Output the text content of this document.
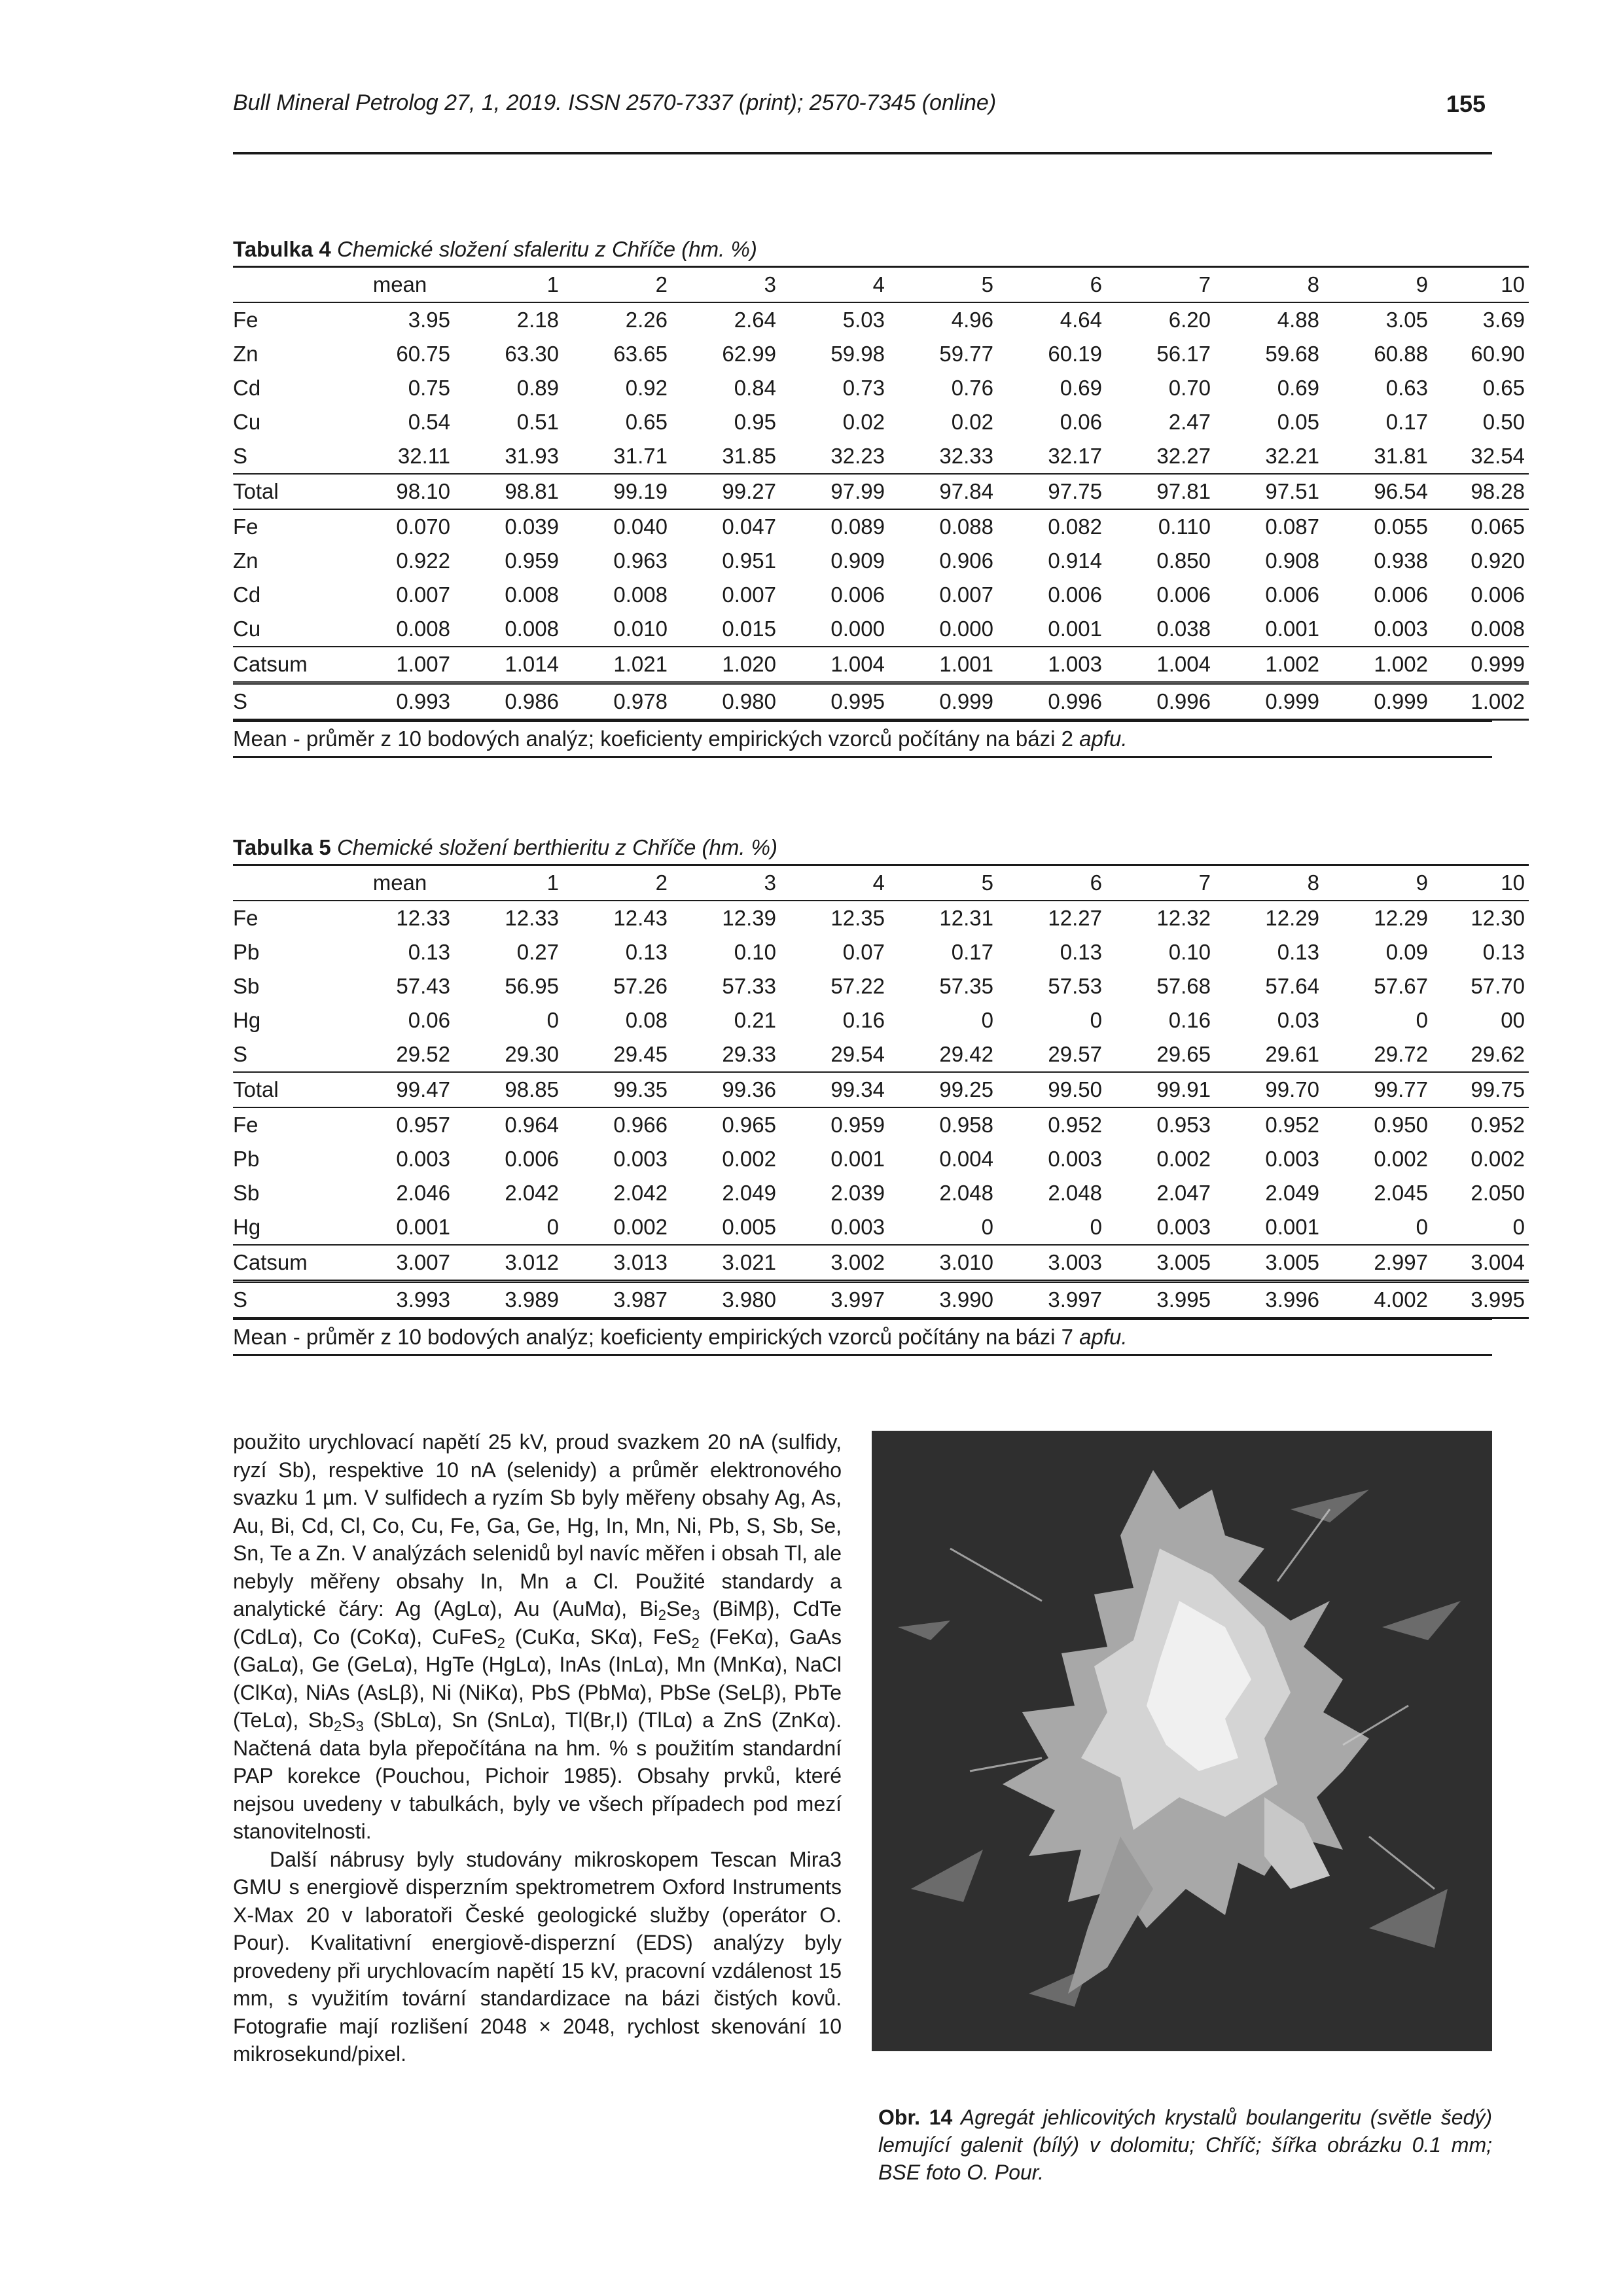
Bull Mineral Petrolog 27, 1, 2019. ISSN 2570-7337 (print); 2570-7345 (online)	155
Tabulka 4 Chemické složení sfaleritu z Chříče (hm. %)
	mean	1	2	3	4	5	6	7	8	9	10
Fe	3.95	2.18	2.26	2.64	5.03	4.96	4.64	6.20	4.88	3.05	3.69
Zn	60.75	63.30	63.65	62.99	59.98	59.77	60.19	56.17	59.68	60.88	60.90
Cd	0.75	0.89	0.92	0.84	0.73	0.76	0.69	0.70	0.69	0.63	0.65
Cu	0.54	0.51	0.65	0.95	0.02	0.02	0.06	2.47	0.05	0.17	0.50
S	32.11	31.93	31.71	31.85	32.23	32.33	32.17	32.27	32.21	31.81	32.54
Total	98.10	98.81	99.19	99.27	97.99	97.84	97.75	97.81	97.51	96.54	98.28
Fe	0.070	0.039	0.040	0.047	0.089	0.088	0.082	0.110	0.087	0.055	0.065
Zn	0.922	0.959	0.963	0.951	0.909	0.906	0.914	0.850	0.908	0.938	0.920
Cd	0.007	0.008	0.008	0.007	0.006	0.007	0.006	0.006	0.006	0.006	0.006
Cu	0.008	0.008	0.010	0.015	0.000	0.000	0.001	0.038	0.001	0.003	0.008
Catsum	1.007	1.014	1.021	1.020	1.004	1.001	1.003	1.004	1.002	1.002	0.999
S	0.993	0.986	0.978	0.980	0.995	0.999	0.996	0.996	0.999	0.999	1.002
Mean - průměr z 10 bodových analýz; koeficienty empirických vzorců počítány na bázi 2 apfu.
Tabulka 5 Chemické složení berthieritu z Chříče (hm. %)
	mean	1	2	3	4	5	6	7	8	9	10
Fe	12.33	12.33	12.43	12.39	12.35	12.31	12.27	12.32	12.29	12.29	12.30
Pb	0.13	0.27	0.13	0.10	0.07	0.17	0.13	0.10	0.13	0.09	0.13
Sb	57.43	56.95	57.26	57.33	57.22	57.35	57.53	57.68	57.64	57.67	57.70
Hg	0.06	0	0.08	0.21	0.16	0	0	0.16	0.03	0	00
S	29.52	29.30	29.45	29.33	29.54	29.42	29.57	29.65	29.61	29.72	29.62
Total	99.47	98.85	99.35	99.36	99.34	99.25	99.50	99.91	99.70	99.77	99.75
Fe	0.957	0.964	0.966	0.965	0.959	0.958	0.952	0.953	0.952	0.950	0.952
Pb	0.003	0.006	0.003	0.002	0.001	0.004	0.003	0.002	0.003	0.002	0.002
Sb	2.046	2.042	2.042	2.049	2.039	2.048	2.048	2.047	2.049	2.045	2.050
Hg	0.001	0	0.002	0.005	0.003	0	0	0.003	0.001	0	0
Catsum	3.007	3.012	3.013	3.021	3.002	3.010	3.003	3.005	3.005	2.997	3.004
S	3.993	3.989	3.987	3.980	3.997	3.990	3.997	3.995	3.996	4.002	3.995
Mean - průměr z 10 bodových analýz; koeficienty empirických vzorců počítány na bázi 7 apfu.

použito urychlovací napětí 25 kV, proud svazkem 20 nA (sulfidy, ryzí Sb), respektive 10 nA (selenidy) a průměr elektronového svazku 1 µm. V sulfidech a ryzím Sb byly měřeny obsahy Ag, As, Au, Bi, Cd, Cl, Co, Cu, Fe, Ga, Ge, Hg, In, Mn, Ni, Pb, S, Sb, Se, Sn, Te a Zn. V analýzách selenidů byl navíc měřen i obsah Tl, ale nebyly měřeny obsahy In, Mn a Cl. Použité standardy a analytické čáry: Ag (AgLα), Au (AuMα), $Bi_2Se_3$ (BiMβ), CdTe (CdLα), Co (CoKα), CuFeS$_2$ (CuKα, SKα), FeS$_2$ (FeKα), GaAs (GaLα), Ge (GeLα), HgTe (HgLα), InAs (InLα), Mn (MnKα), NaCl (ClKα), NiAs (AsLβ), Ni (NiKα), PbS (PbMα), PbSe (SeLβ), PbTe (TeLα), $Sb_2S_3$ (SbLα), Sn (SnLα), Tl(Br,I) (TlLα) a ZnS (ZnKα). Načtená data byla přepočítána na hm. % s použitím standardní PAP korekce (Pouchou, Pichoir 1985). Obsahy prvků, které nejsou uvedeny v tabulkách, byly ve všech případech pod mezí stanovitelnosti.

Další nábrusy byly studovány mikroskopem Tescan Mira3 GMU s energiově disperzním spektrometrem Oxford Instruments X-Max 20 v laboratoři České geologické služby (operátor O. Pour). Kvalitativní energiově-disperzní (EDS) analýzy byly provedeny při urychlovacím napětí 15 kV, pracovní vzdálenost 15 mm, s využitím tovární standardizace na bázi čistých kovů. Fotografie mají rozlišení 2048 × 2048, rychlost skenování 10 mikrosekund/pixel.

Obr. 14 Agregát jehlicovitých krystalů boulangeritu (světle šedý) lemující galenit (bílý) v dolomitu; Chříč; šířka obrázku 0.1 mm; BSE foto O. Pour.
